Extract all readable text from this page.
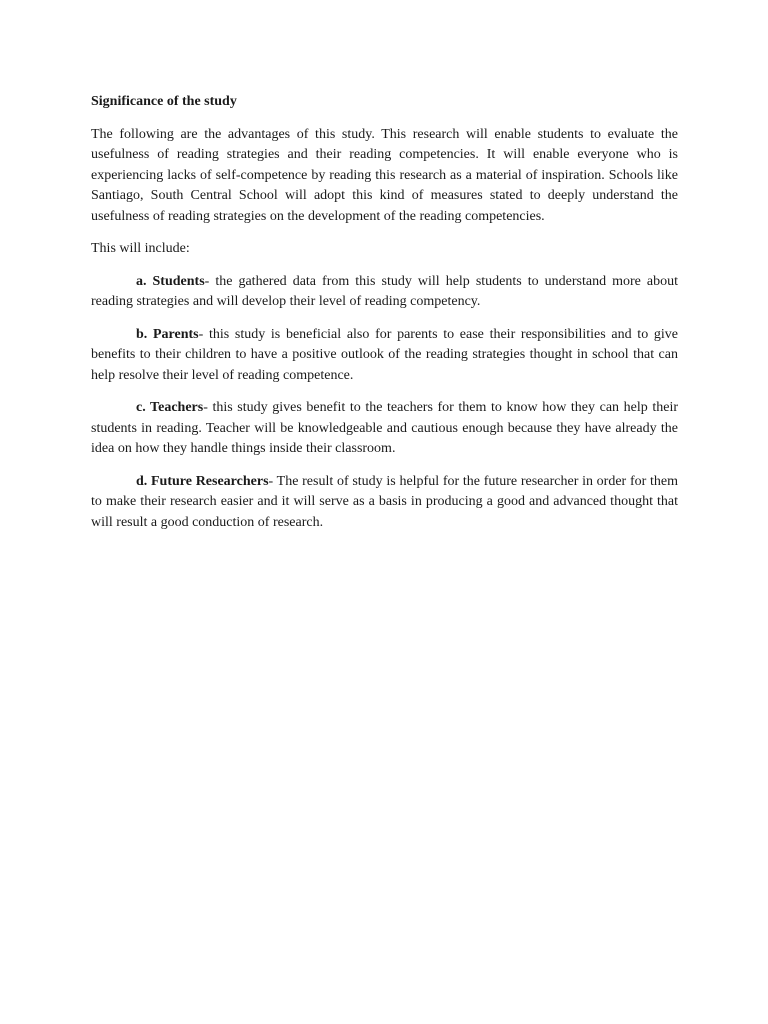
Significance of the study

The following are the advantages of this study. This research will enable students to evaluate the usefulness of reading strategies and their reading competencies. It will enable everyone who is experiencing lacks of self-competence by reading this research as a material of inspiration. Schools like Santiago, South Central School will adopt this kind of measures stated to deeply understand the usefulness of reading strategies on the development of the reading competencies.

This will include:

a. Students- the gathered data from this study will help students to understand more about reading strategies and will develop their level of reading competency.

b. Parents- this study is beneficial also for parents to ease their responsibilities and to give benefits to their children to have a positive outlook of the reading strategies thought in school that can help resolve their level of reading competence.

c. Teachers- this study gives benefit to the teachers for them to know how they can help their students in reading. Teacher will be knowledgeable and cautious enough because they have already the idea on how they handle things inside their classroom.

d. Future Researchers- The result of study is helpful for the future researcher in order for them to make their research easier and it will serve as a basis in producing a good and advanced thought that will result a good conduction of research.
